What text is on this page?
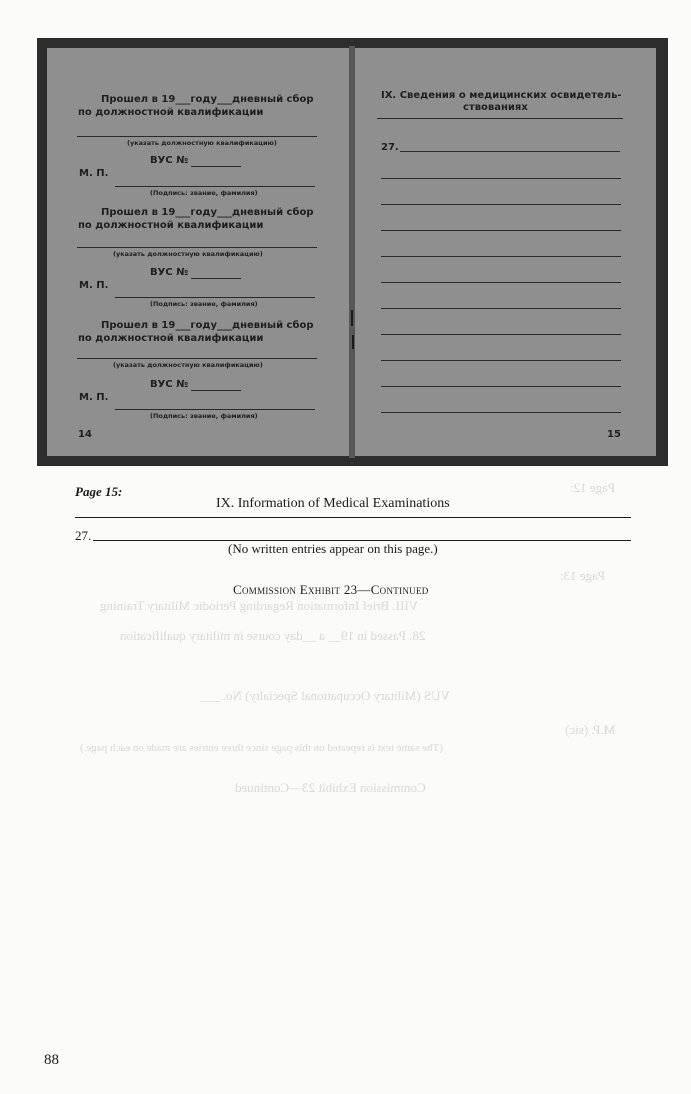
Page 12:
Page 13:
VIII. Brief Information Regarding Periodic Military Training
28. Passed in 19__ a __day course in military qualification
VUS (Military Occupational Specialty) No. ___
M.P. (sic)
(The same text is repeated on this page since three entries are made on each page.)
Commission Exhibit 23—Continued
Прошел в 19___году___дневный сбор
по должностной квалификации
(указать должностную квалификацию)
ВУС №
М. П.
(Подпись: звание, фамилия)
Прошел в 19___году___дневный сбор
по должностной квалификации
(указать должностную квалификацию)
ВУС №
М. П.
(Подпись: звание, фамилия)
Прошел в 19___году___дневный сбор
по должностной квалификации
(указать должностную квалификацию)
ВУС №
М. П.
(Подпись: звание, фамилия)
14
IX. Сведения о медицинских освидетель-
ствованиях
27.
15
Page 15:
IX. Information of Medical Examinations
27.
(No written entries appear on this page.)
Commission Exhibit 23—Continued
88
